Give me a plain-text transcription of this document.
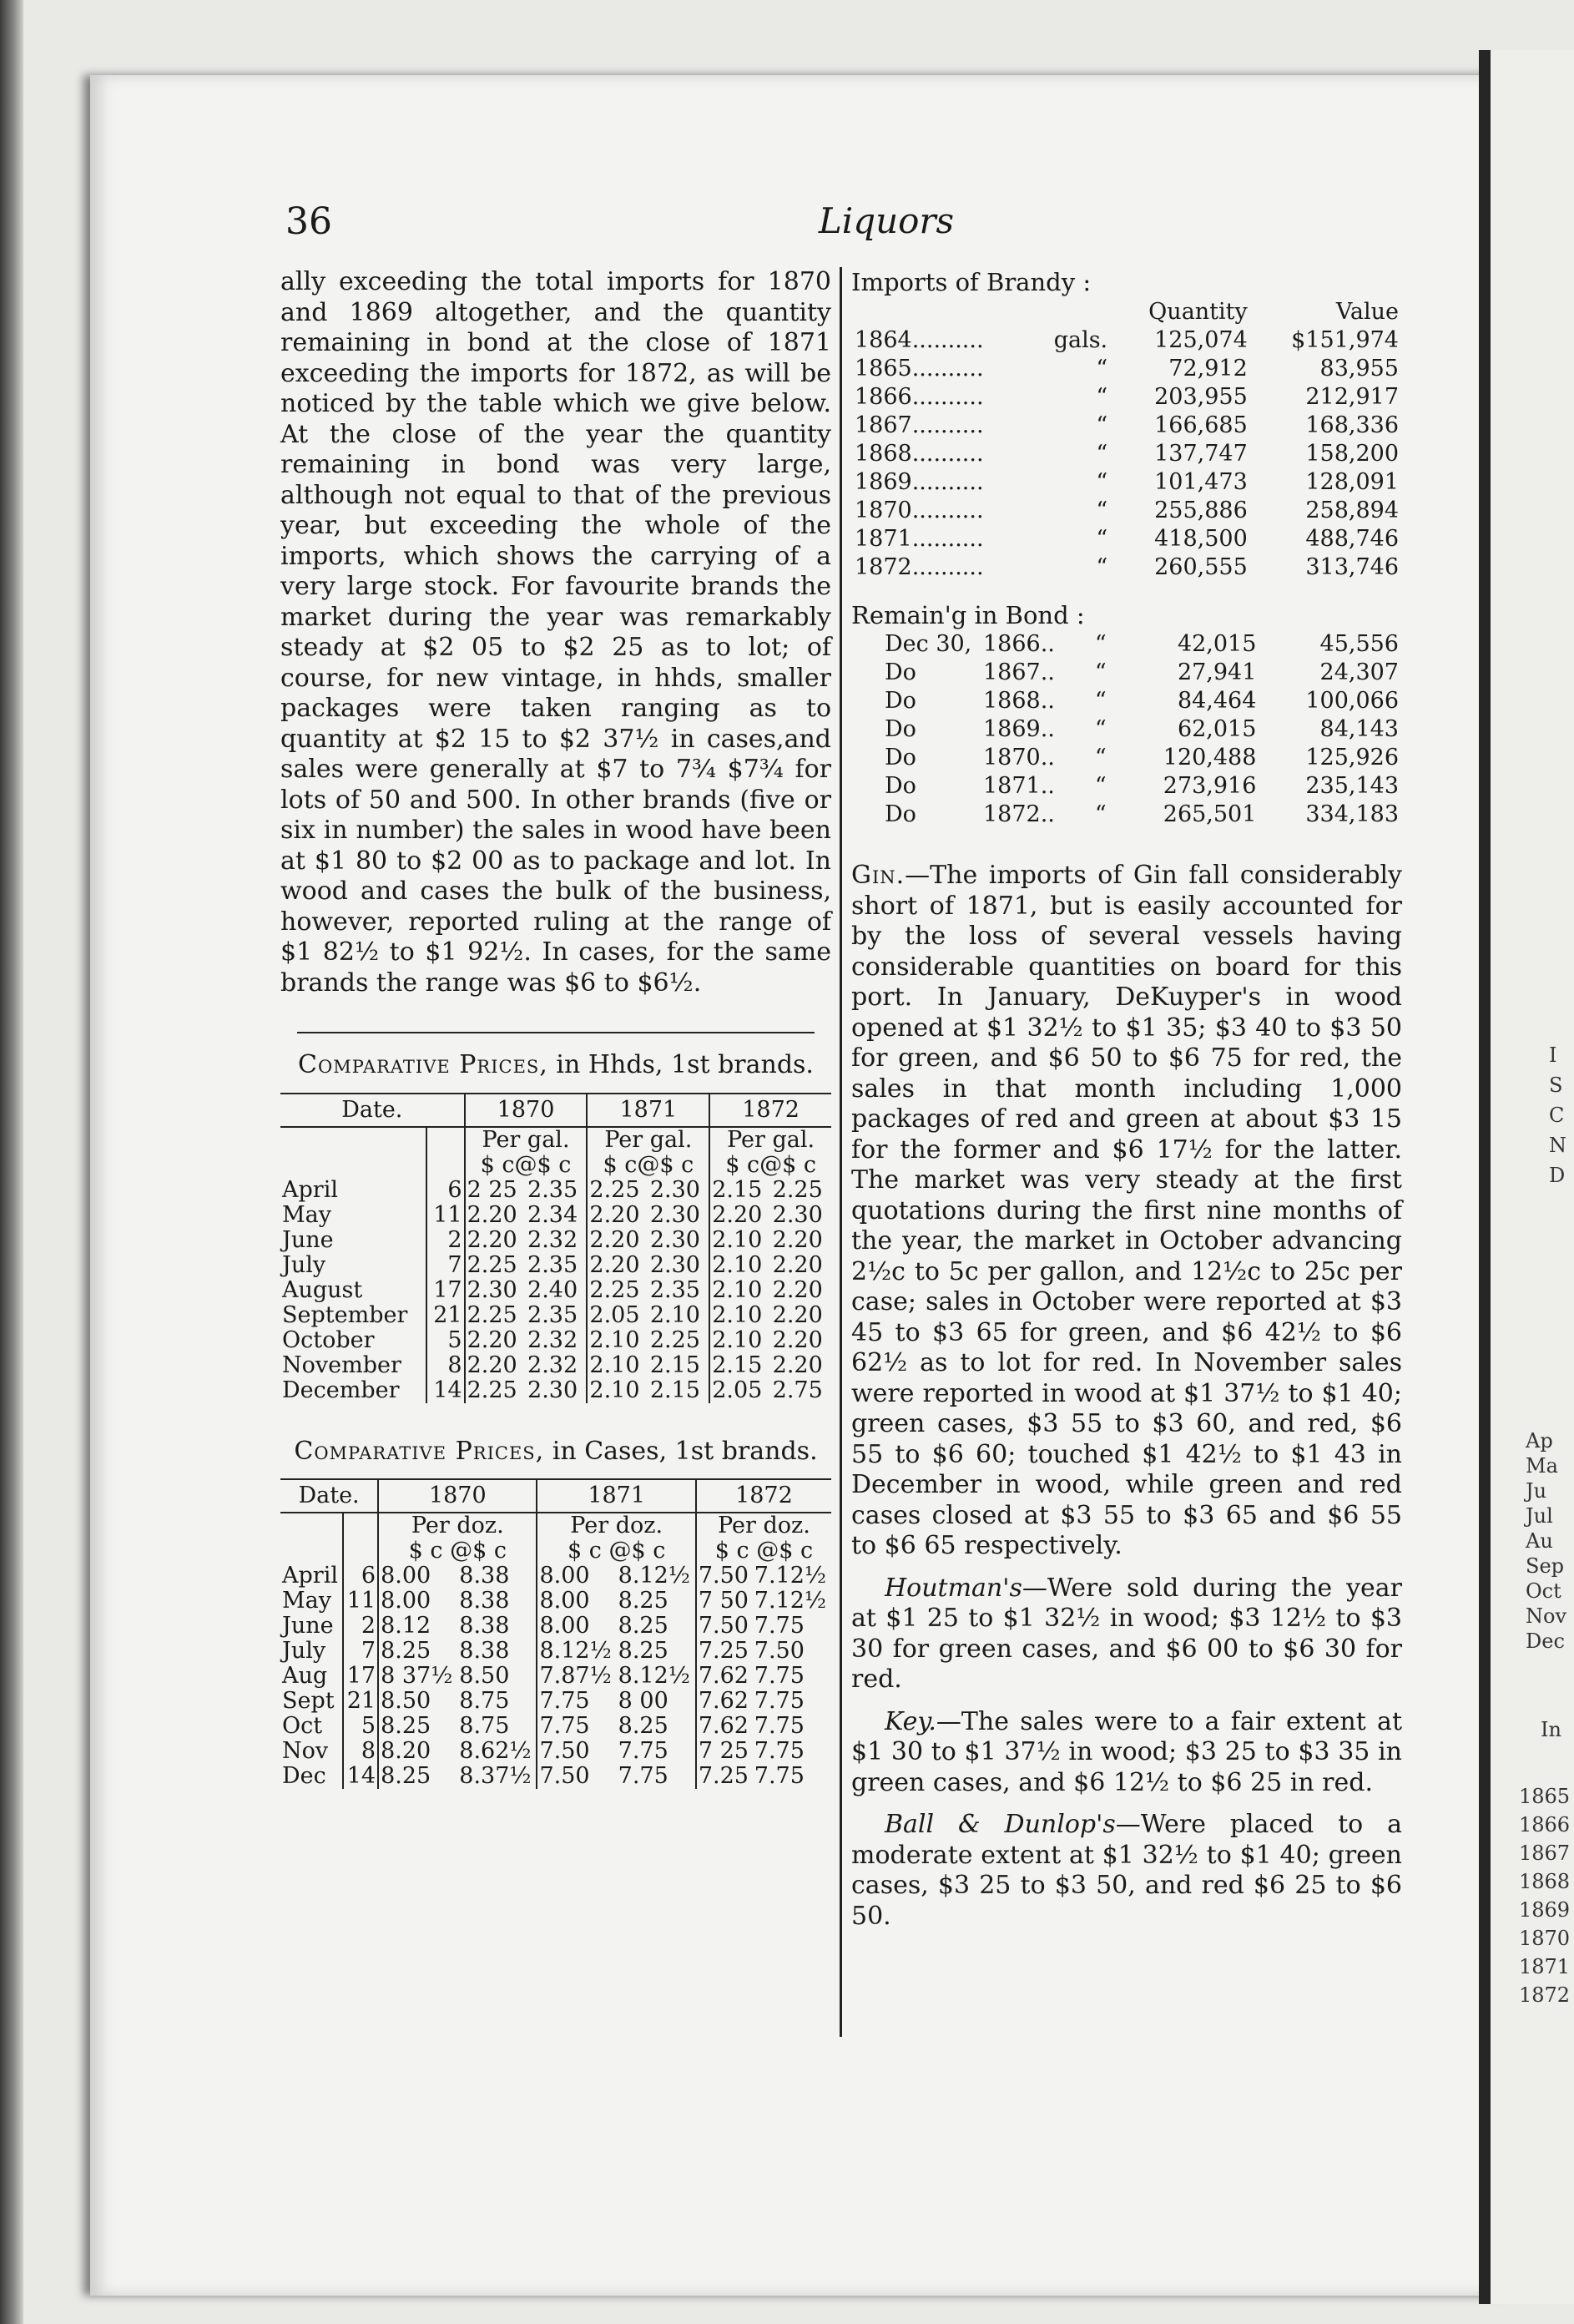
36	Liquors

ally exceeding the total imports for 1870 and 1869 altogether, and the quantity remaining in bond at the close of 1871 exceeding the imports for 1872, as will be noticed by the table which we give below. At the close of the year the quantity remaining in bond was very large, although not equal to that of the previous year, but exceeding the whole of the imports, which shows the carrying of a very large stock. For favourite brands the market during the year was remarkably steady at $2 05 to $2 25 as to lot; of course, for new vintage, in hhds, smaller packages were taken ranging as to quantity at $2 15 to $2 37½ in cases,and sales were generally at $7 to 7¾ $7¾ for lots of 50 and 500. In other brands (five or six in number) the sales in wood have been at $1 80 to $2 00 as to package and lot. In wood and cases the bulk of the business, however, reported ruling at the range of $1 82½ to $1 92½. In cases, for the same brands the range was $6 to $6½.

Comparative Prices, in Hhds, 1st brands.
Date.		1870		1871		1872	
		Per gal.		Per gal.		Per gal.	
		$ c@$ c		$ c@$ c		$ c@$ c	
April	6	2 25	2.35	2.25	2.30	2.15	2.25
May	11	2.20	2.34	2.20	2.30	2.20	2.30
June	2	2.20	2.32	2.20	2.30	2.10	2.20
July	7	2.25	2.35	2.20	2.30	2.10	2.20
August	17	2.30	2.40	2.25	2.35	2.10	2.20
September	21	2.25	2.35	2.05	2.10	2.10	2.20
October	5	2.20	2.32	2.10	2.25	2.10	2.20
November	8	2.20	2.32	2.10	2.15	2.15	2.20
December	14	2.25	2.30	2.10	2.15	2.05	2.75
Comparative Prices, in Cases, 1st brands.
Date.		1870		1871		1872	
		Per doz.		Per doz.		Per doz.	
		$ c @$ c		$ c @$ c		$ c @$ c	
April	6	8.00	8.38	8.00	8.12½	7.50	7.12½
May	11	8.00	8.38	8.00	8.25	7 50	7.12½
June	2	8.12	8.38	8.00	8.25	7.50	7.75
July	7	8.25	8.38	8.12½	8.25	7.25	7.50
Aug	17	8 37½	8.50	7.87½	8.12½	7.62	7.75
Sept	21	8.50	8.75	7.75	8 00	7.62	7.75
Oct	5	8.25	8.75	7.75	8.25	7.62	7.75
Nov	8	8.20	8.62½	7.50	7.75	7 25	7.75
Dec	14	8.25	8.37½	7.50	7.75	7.25	7.75
Imports of Brandy :
		Quantity	Value
1864..........	gals.	125,074	$151,974
1865..........	“	72,912	83,955
1866..........	“	203,955	212,917
1867..........	“	166,685	168,336
1868..........	“	137,747	158,200
1869..........	“	101,473	128,091
1870..........	“	255,886	258,894
1871..........	“	418,500	488,746
1872..........	“	260,555	313,746
Remain'g in Bond :
Dec 30,	1866..	“	42,015	45,556
Do	1867..	“	27,941	24,307
Do	1868..	“	84,464	100,066
Do	1869..	“	62,015	84,143
Do	1870..	“	120,488	125,926
Do	1871..	“	273,916	235,143
Do	1872..	“	265,501	334,183

Gin.—The imports of Gin fall considerably short of 1871, but is easily accounted for by the loss of several vessels having considerable quantities on board for this port. In January, DeKuyper's in wood opened at $1 32½ to $1 35; $3 40 to $3 50 for green, and $6 50 to $6 75 for red, the sales in that month including 1,000 packages of red and green at about $3 15 for the former and $6 17½ for the latter. The market was very steady at the first quotations during the first nine months of the year, the market in October advancing 2½c to 5c per gallon, and 12½c to 25c per case; sales in October were reported at $3 45 to $3 65 for green, and $6 42½ to $6 62½ as to lot for red. In November sales were reported in wood at $1 37½ to $1 40; green cases, $3 55 to $3 60, and red, $6 55 to $6 60; touched $1 42½ to $1 43 in December in wood, while green and red cases closed at $3 55 to $3 65 and $6 55 to $6 65 respectively.

Houtman's—Were sold during the year at $1 25 to $1 32½ in wood; $3 12½ to $3 30 for green cases, and $6 00 to $6 30 for red.

Key.—The sales were to a fair extent at $1 30 to $1 37½ in wood; $3 25 to $3 35 in green cases, and $6 12½ to $6 25 in red.

Ball & Dunlop's—Were placed to a moderate extent at $1 32½ to $1 40; green cases, $3 25 to $3 50, and red $6 25 to $6 50.

I
S
C
N
D
Ap
Ma
Ju
Jul
Au
Sep
Oct
Nov
Dec
In
1865
1866
1867
1868
1869
1870
1871
1872
